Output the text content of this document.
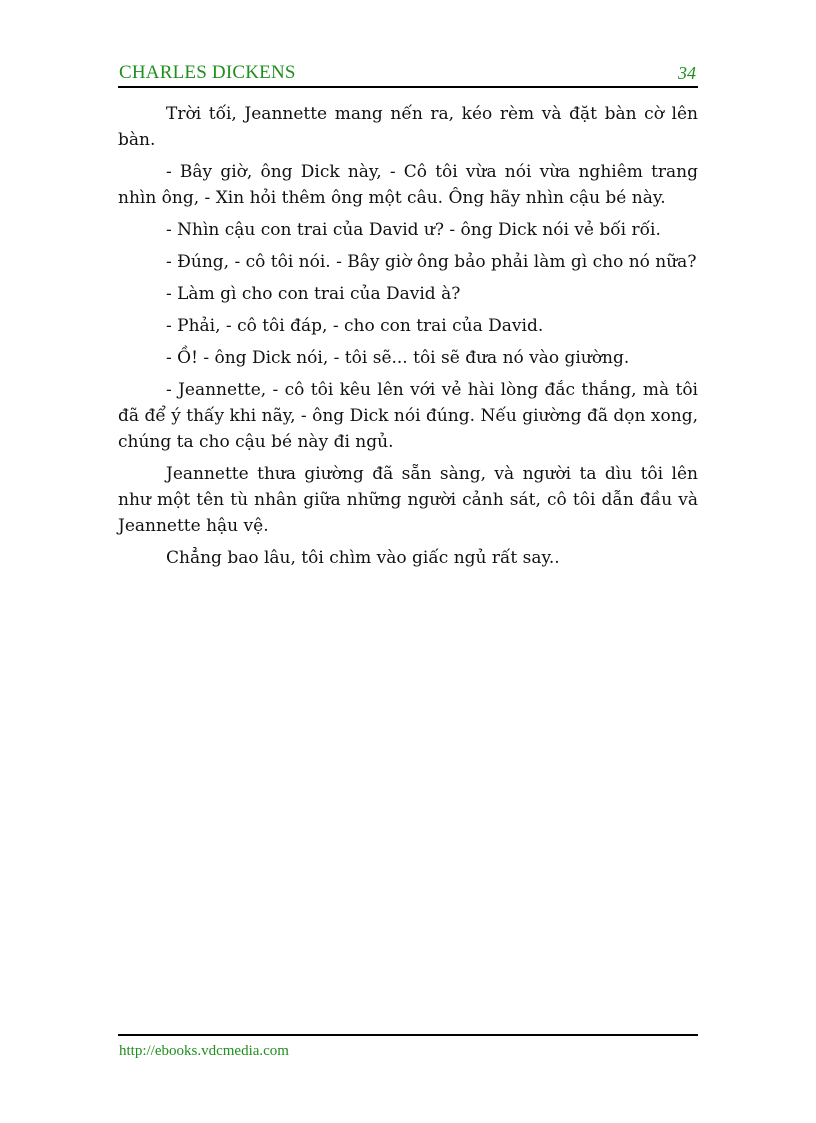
CHARLES DICKENS	34

Trời tối, Jeannette mang nến ra, kéo rèm và đặt bàn cờ lên bàn.

- Bây giờ, ông Dick này, - Cô tôi vừa nói vừa nghiêm trang nhìn ông, - Xin hỏi thêm ông một câu. Ông hãy nhìn cậu bé này.

- Nhìn cậu con trai của David ư? - ông Dick nói vẻ bối rối.

- Đúng, - cô tôi nói. - Bây giờ ông bảo phải làm gì cho nó nữa?

- Làm gì cho con trai của David à?

- Phải, - cô tôi đáp, - cho con trai của David.

- Ồ! - ông Dick nói, - tôi sẽ... tôi sẽ đưa nó vào giường.

- Jeannette, - cô tôi kêu lên với vẻ hài lòng đắc thắng, mà tôi đã để ý thấy khi nãy, - ông Dick nói đúng. Nếu giường đã dọn xong, chúng ta cho cậu bé này đi ngủ.

Jeannette thưa giường đã sẵn sàng, và người ta dìu tôi lên như một tên tù nhân giữa những người cảnh sát, cô tôi dẫn đầu và Jeannette hậu vệ.

Chẳng bao lâu, tôi chìm vào giấc ngủ rất say..

http://ebooks.vdcmedia.com
